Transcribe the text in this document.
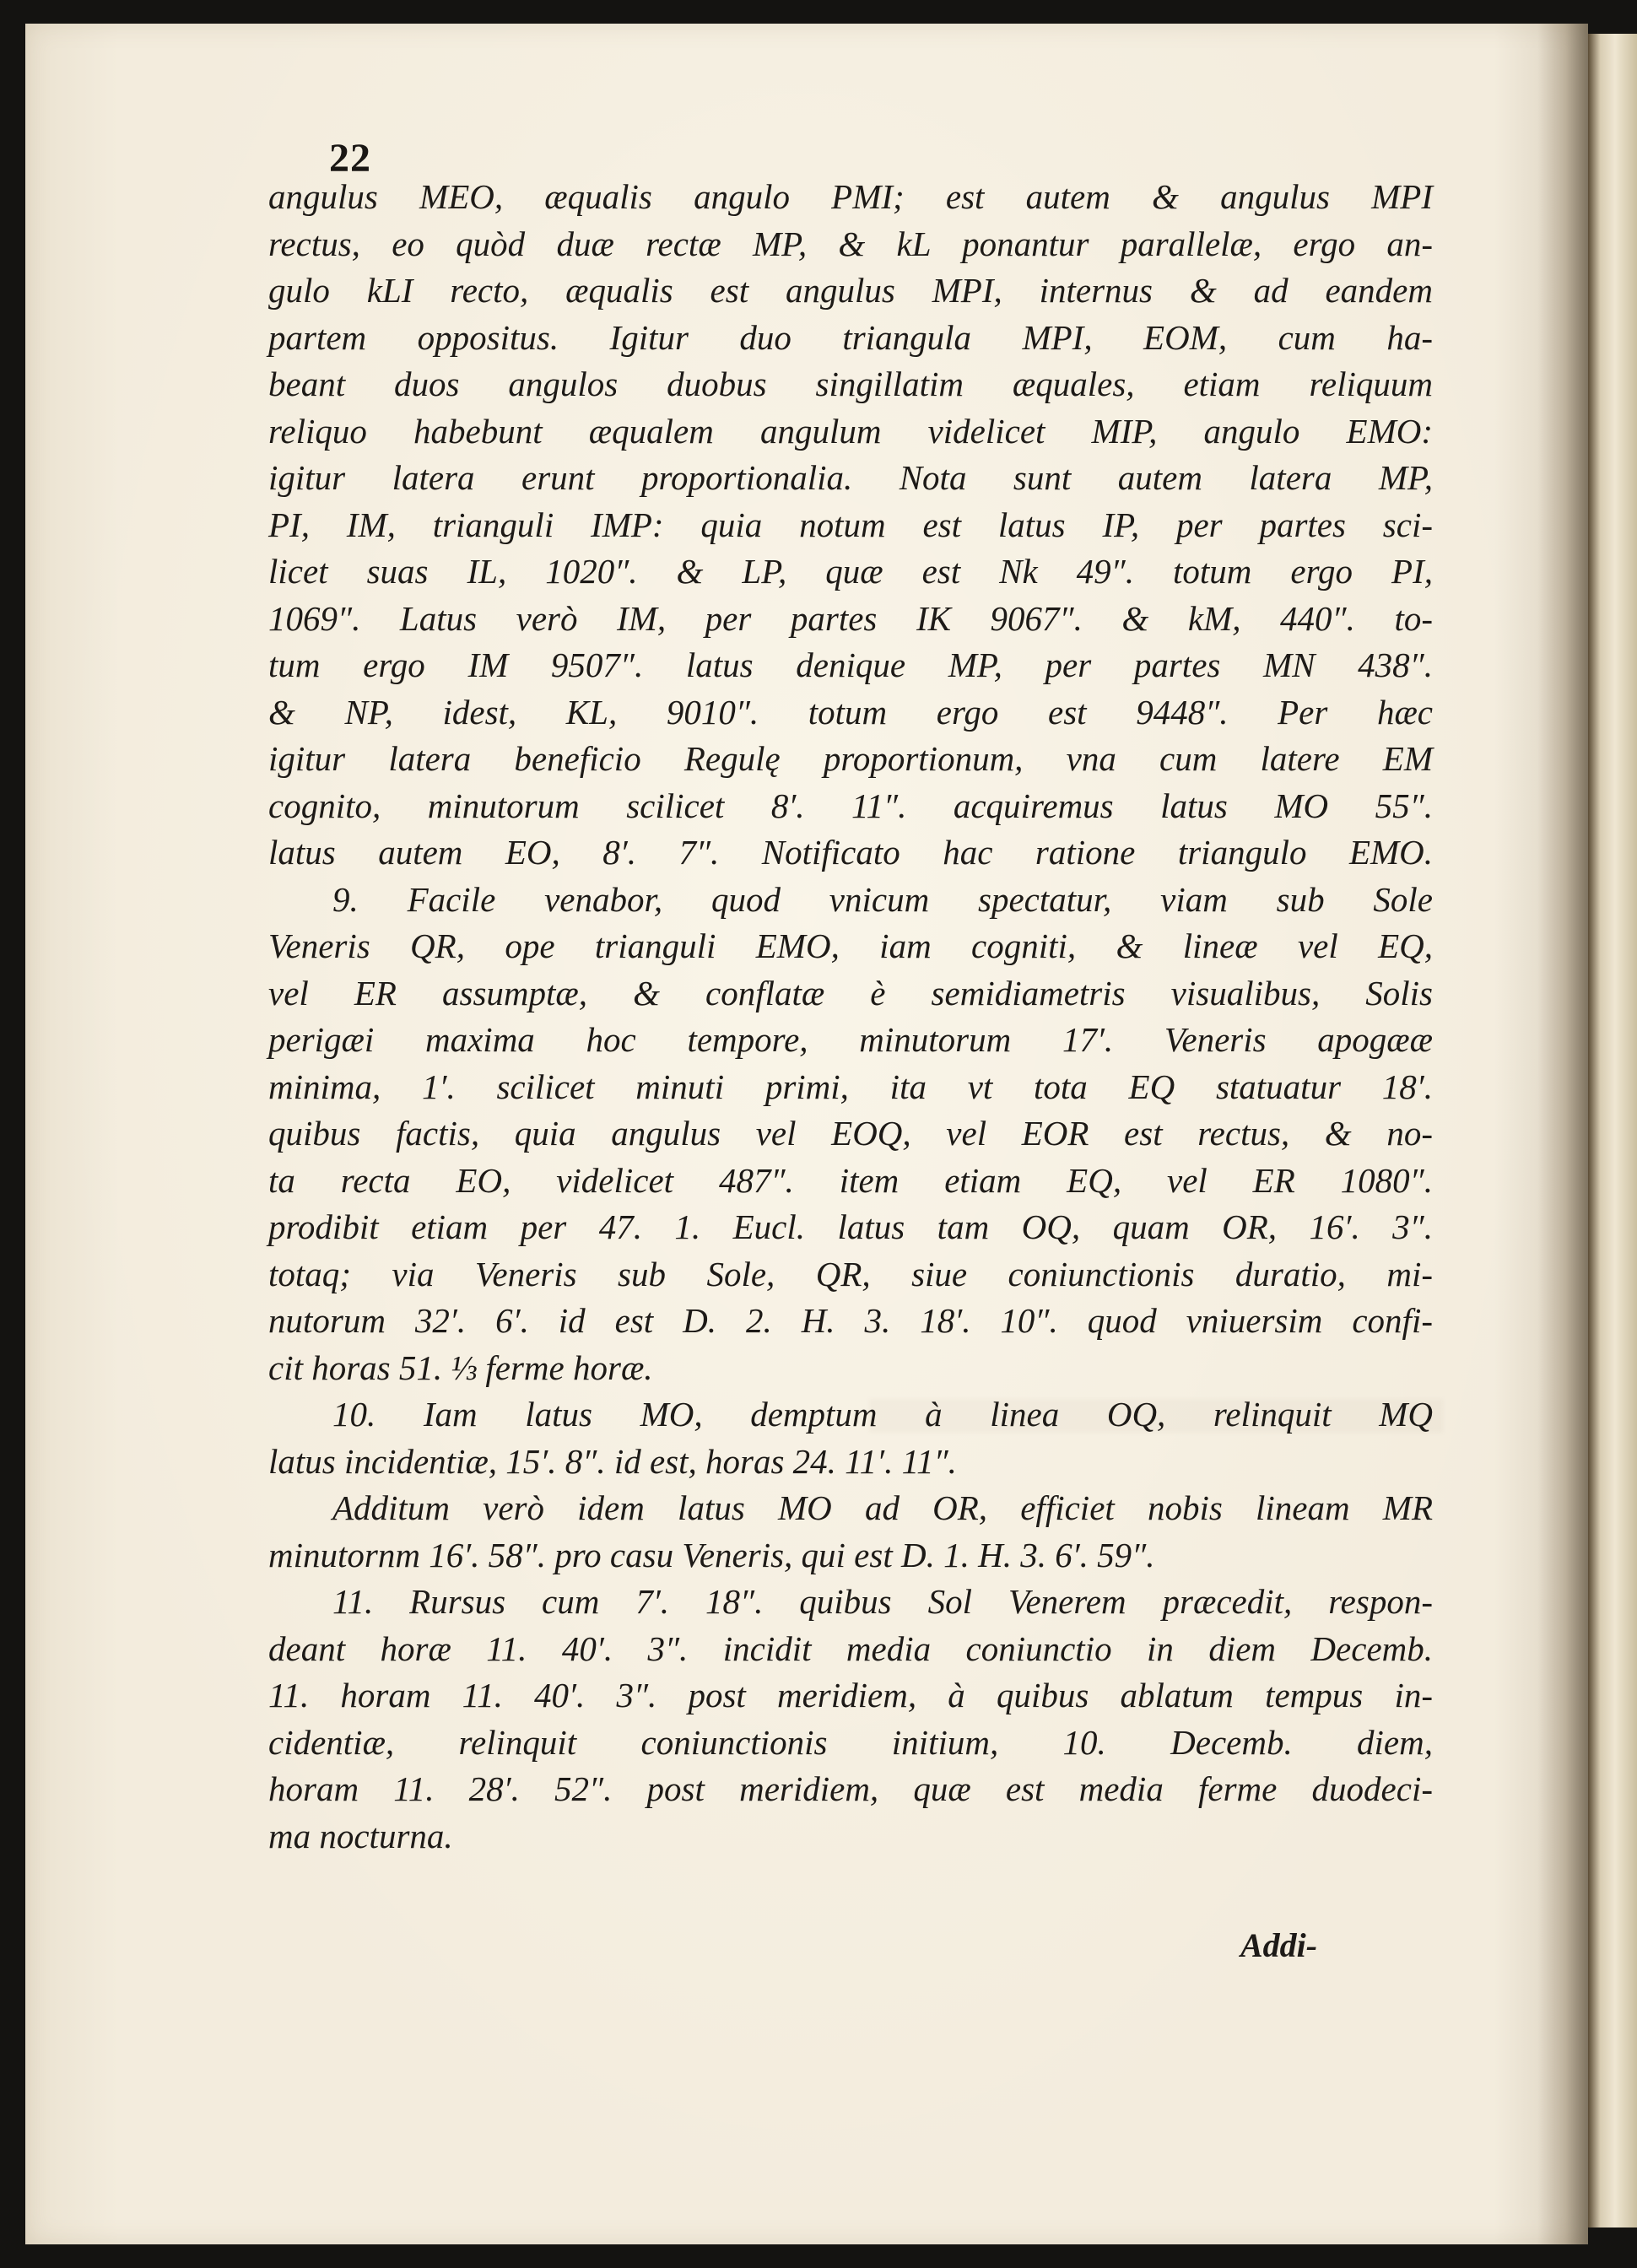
22
angulus MEO, æqualis angulo PMI; est autem & angulus MPI
rectus, eo quòd duæ rectæ MP, & kL ponantur parallelæ, ergo an-
gulo kLI recto, æqualis est angulus MPI, internus & ad eandem
partem oppositus. Igitur duo triangula MPI, EOM, cum ha-
beant duos angulos duobus singillatim æquales, etiam reliquum
reliquo habebunt æqualem angulum videlicet MIP, angulo EMO:
igitur latera erunt proportionalia. Nota sunt autem latera MP,
PI, IM, trianguli IMP: quia notum est latus IP, per partes sci-
licet suas IL, 1020″. & LP, quæ est Nk 49″. totum ergo PI,
1069″. Latus verò IM, per partes IK 9067″. & kM, 440″. to-
tum ergo IM 9507″. latus denique MP, per partes MN 438″.
& NP, idest, KL, 9010″. totum ergo est 9448″. Per hæc
igitur latera beneficio Regulę proportionum, vna cum latere EM
cognito, minutorum scilicet 8′. 11″. acquiremus latus MO 55″.
latus autem EO, 8′. 7″. Notificato hac ratione triangulo EMO.
9. Facile venabor, quod vnicum spectatur, viam sub Sole
Veneris QR, ope trianguli EMO, iam cogniti, & lineæ vel EQ,
vel ER assumptæ, & conflatæ è semidiametris visualibus, Solis
perigæi maxima hoc tempore, minutorum 17′. Veneris apogææ
minima, 1′. scilicet minuti primi, ita vt tota EQ statuatur 18′.
quibus factis, quia angulus vel EOQ, vel EOR est rectus, & no-
ta recta EO, videlicet 487″. item etiam EQ, vel ER 1080″.
prodibit etiam per 47. 1. Eucl. latus tam OQ, quam OR, 16′. 3″.
totaq; via Veneris sub Sole, QR, siue coniunctionis duratio, mi-
nutorum 32′. 6′. id est D. 2. H. 3. 18′. 10″. quod vniuersim confi-
cit horas 51. ⅓ ferme horæ.
10. Iam latus MO, demptum à linea OQ, relinquit MQ
latus incidentiæ, 15′. 8″. id est, horas 24. 11′. 11″.
Additum verò idem latus MO ad OR, efficiet nobis lineam MR
minutornm 16′. 58″. pro casu Veneris, qui est D. 1. H. 3. 6′. 59″.
11. Rursus cum 7′. 18″. quibus Sol Venerem præcedit, respon-
deant horæ 11. 40′. 3″. incidit media coniunctio in diem Decemb.
11. horam 11. 40′. 3″. post meridiem, à quibus ablatum tempus in-
cidentiæ, relinquit coniunctionis initium, 10. Decemb. diem,
horam 11. 28′. 52″. post meridiem, quæ est media ferme duodeci-
ma nocturna.
Addi-
